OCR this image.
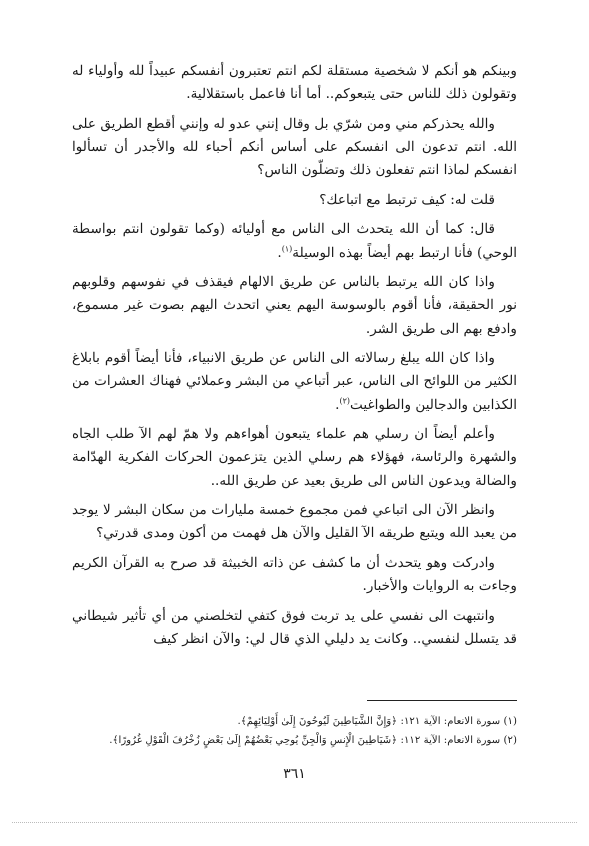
وبينكم هو أنكم لا شخصية مستقلة لكم انتم تعتبرون أنفسكم عبيداً لله وأولياء له وتقولون ذلك للناس حتى يتبعوكم.. أما أنا فاعمل باستقلالية.

والله يحذركم مني ومن شرّي بل وقال إنني عدو له وإنني أقطع الطريق على الله. انتم تدعون الى انفسكم على أساس أنكم أحباء لله والأجدر أن تسألوا انفسكم لماذا انتم تفعلون ذلك وتضلّون الناس؟

قلت له: كيف ترتبط مع اتباعك؟

قال: كما أن الله يتحدث الى الناس مع أوليائه (وكما تقولون انتم بواسطة الوحي) فأنا ارتبط بهم أيضاً بهذه الوسيلة$^{(١)}$.

واذا كان الله يرتبط بالناس عن طريق الالهام فيقذف في نفوسهم وقلوبهم نور الحقيقة، فأنا أقوم بالوسوسة اليهم يعني اتحدث اليهم بصوت غير مسموع، وادفع بهم الى طريق الشر.

واذا كان الله يبلغ رسالاته الى الناس عن طريق الانبياء، فأنا أيضاً أقوم بابلاغ الكثير من اللوائح الى الناس، عبر أتباعي من البشر وعملائي فهناك العشرات من الكذابين والدجالين والطواغيت$^{(٢)}$.

وأعلم أيضاً ان رسلي هم علماء يتبعون أهواءهم ولا همّ لهم الآ طلب الجاه والشهرة والرئاسة، فهؤلاء هم رسلي الذين يتزعمون الحركات الفكرية الهدّامة والضالة ويدعون الناس الى طريق بعيد عن طريق الله..

وانظر الآن الى اتباعي فمن مجموع خمسة مليارات من سكان البشر لا يوجد من يعبد الله ويتبع طريقه الآ القليل والآن هل فهمت من أكون ومدى قدرتي؟

وادركت وهو يتحدث أن ما كشف عن ذاته الخبيثة قد صرح به القرآن الكريم وجاءت به الروايات والأخبار.

وانتبهت الى نفسي على يد تربت فوق كتفي لتخلصني من أي تأثير شيطاني قد يتسلل لنفسي.. وكانت يد دليلي الذي قال لي: والآن انظر كيف

(١) سورة الانعام: الآية ١٢١: ﴿وَإِنَّ الشَّيَاطِينَ لَيُوحُونَ إِلَىٰ أَوْلِيَائِهِمْ﴾.

(٢) سورة الانعام: الآية ١١٢: ﴿شَيَاطِينَ الْإِنسِ وَالْجِنِّ يُوحِي بَعْضُهُمْ إِلَىٰ بَعْضٍ زُخْرُفَ الْقَوْلِ غُرُورًا﴾.

٣٦١
